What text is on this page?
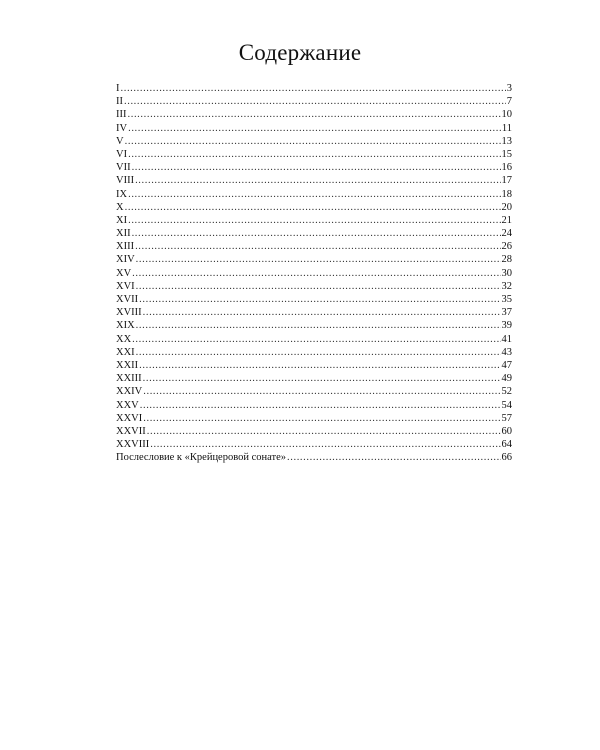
Содержание
I .....	3
II .....	7
III .....	10
IV .....	11
V .....	13
VI .....	15
VII .....	16
VIII .....	17
IX .....	18
X .....	20
XI .....	21
XII .....	24
XIII .....	26
XIV .....	28
XV .....	30
XVI .....	32
XVII .....	35
XVIII .....	37
XIX .....	39
XX .....	41
XXI .....	43
XXII .....	47
XXIII .....	49
XXIV .....	52
XXV .....	54
XXVI .....	57
XXVII .....	60
XXVIII .....	64
Послесловие к «Крейцеровой сонате» .....	66
